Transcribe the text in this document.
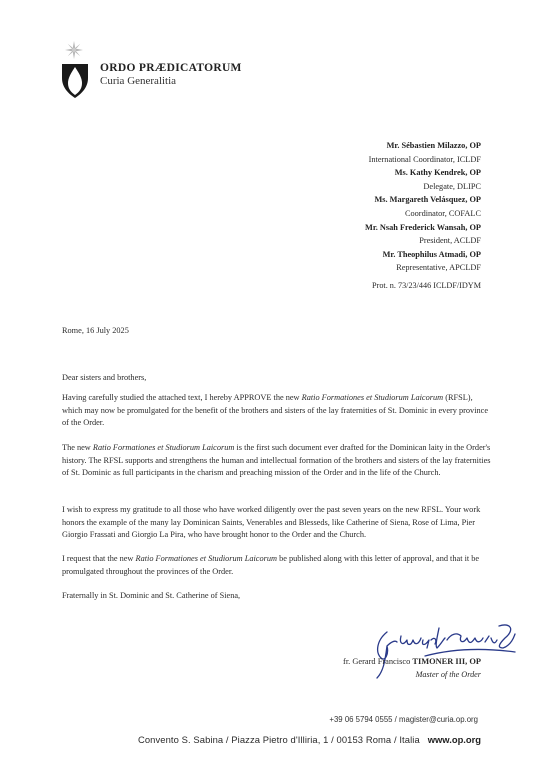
ORDO PRÆDICATORUM
Curia Generalitia
Mr. Sébastien Milazzo, OP
International Coordinator, ICLDF
Ms. Kathy Kendrek, OP
Delegate, DLIPC
Ms. Margareth Velásquez, OP
Coordinator, COFALC
Mr. Nsah Frederick Wansah, OP
President, ACLDF
Mr. Theophilus Atmadi, OP
Representative, APCLDF
Prot. n. 73/23/446 ICLDF/IDYM
Rome, 16 July 2025
Dear sisters and brothers,

Having carefully studied the attached text, I hereby APPROVE the new Ratio Formationes et Studiorum Laicorum (RFSL), which may now be promulgated for the benefit of the brothers and sisters of the lay fraternities of St. Dominic in every province of the Order.

The new Ratio Formationes et Studiorum Laicorum is the first such document ever drafted for the Dominican laity in the Order's history. The RFSL supports and strengthens the human and intellectual formation of the brothers and sisters of the lay fraternities of St. Dominic as full participants in the charism and preaching mission of the Order and in the life of the Church.

I wish to express my gratitude to all those who have worked diligently over the past seven years on the new RFSL. Your work honors the example of the many lay Dominican Saints, Venerables and Blesseds, like Catherine of Siena, Rose of Lima, Pier Giorgio Frassati and Giorgio La Pira, who have brought honor to the Order and the Church.

I request that the new Ratio Formationes et Studiorum Laicorum be published along with this letter of approval, and that it be promulgated throughout the provinces of the Order.

Fraternally in St. Dominic and St. Catherine of Siena,
fr. Gerard Francisco TIMONER III, OP
Master of the Order
+39 06 5794 0555 / magister@curia.op.org
Convento S. Sabina / Piazza Pietro d'Illiria, 1 / 00153 Roma / Italia www.op.org
